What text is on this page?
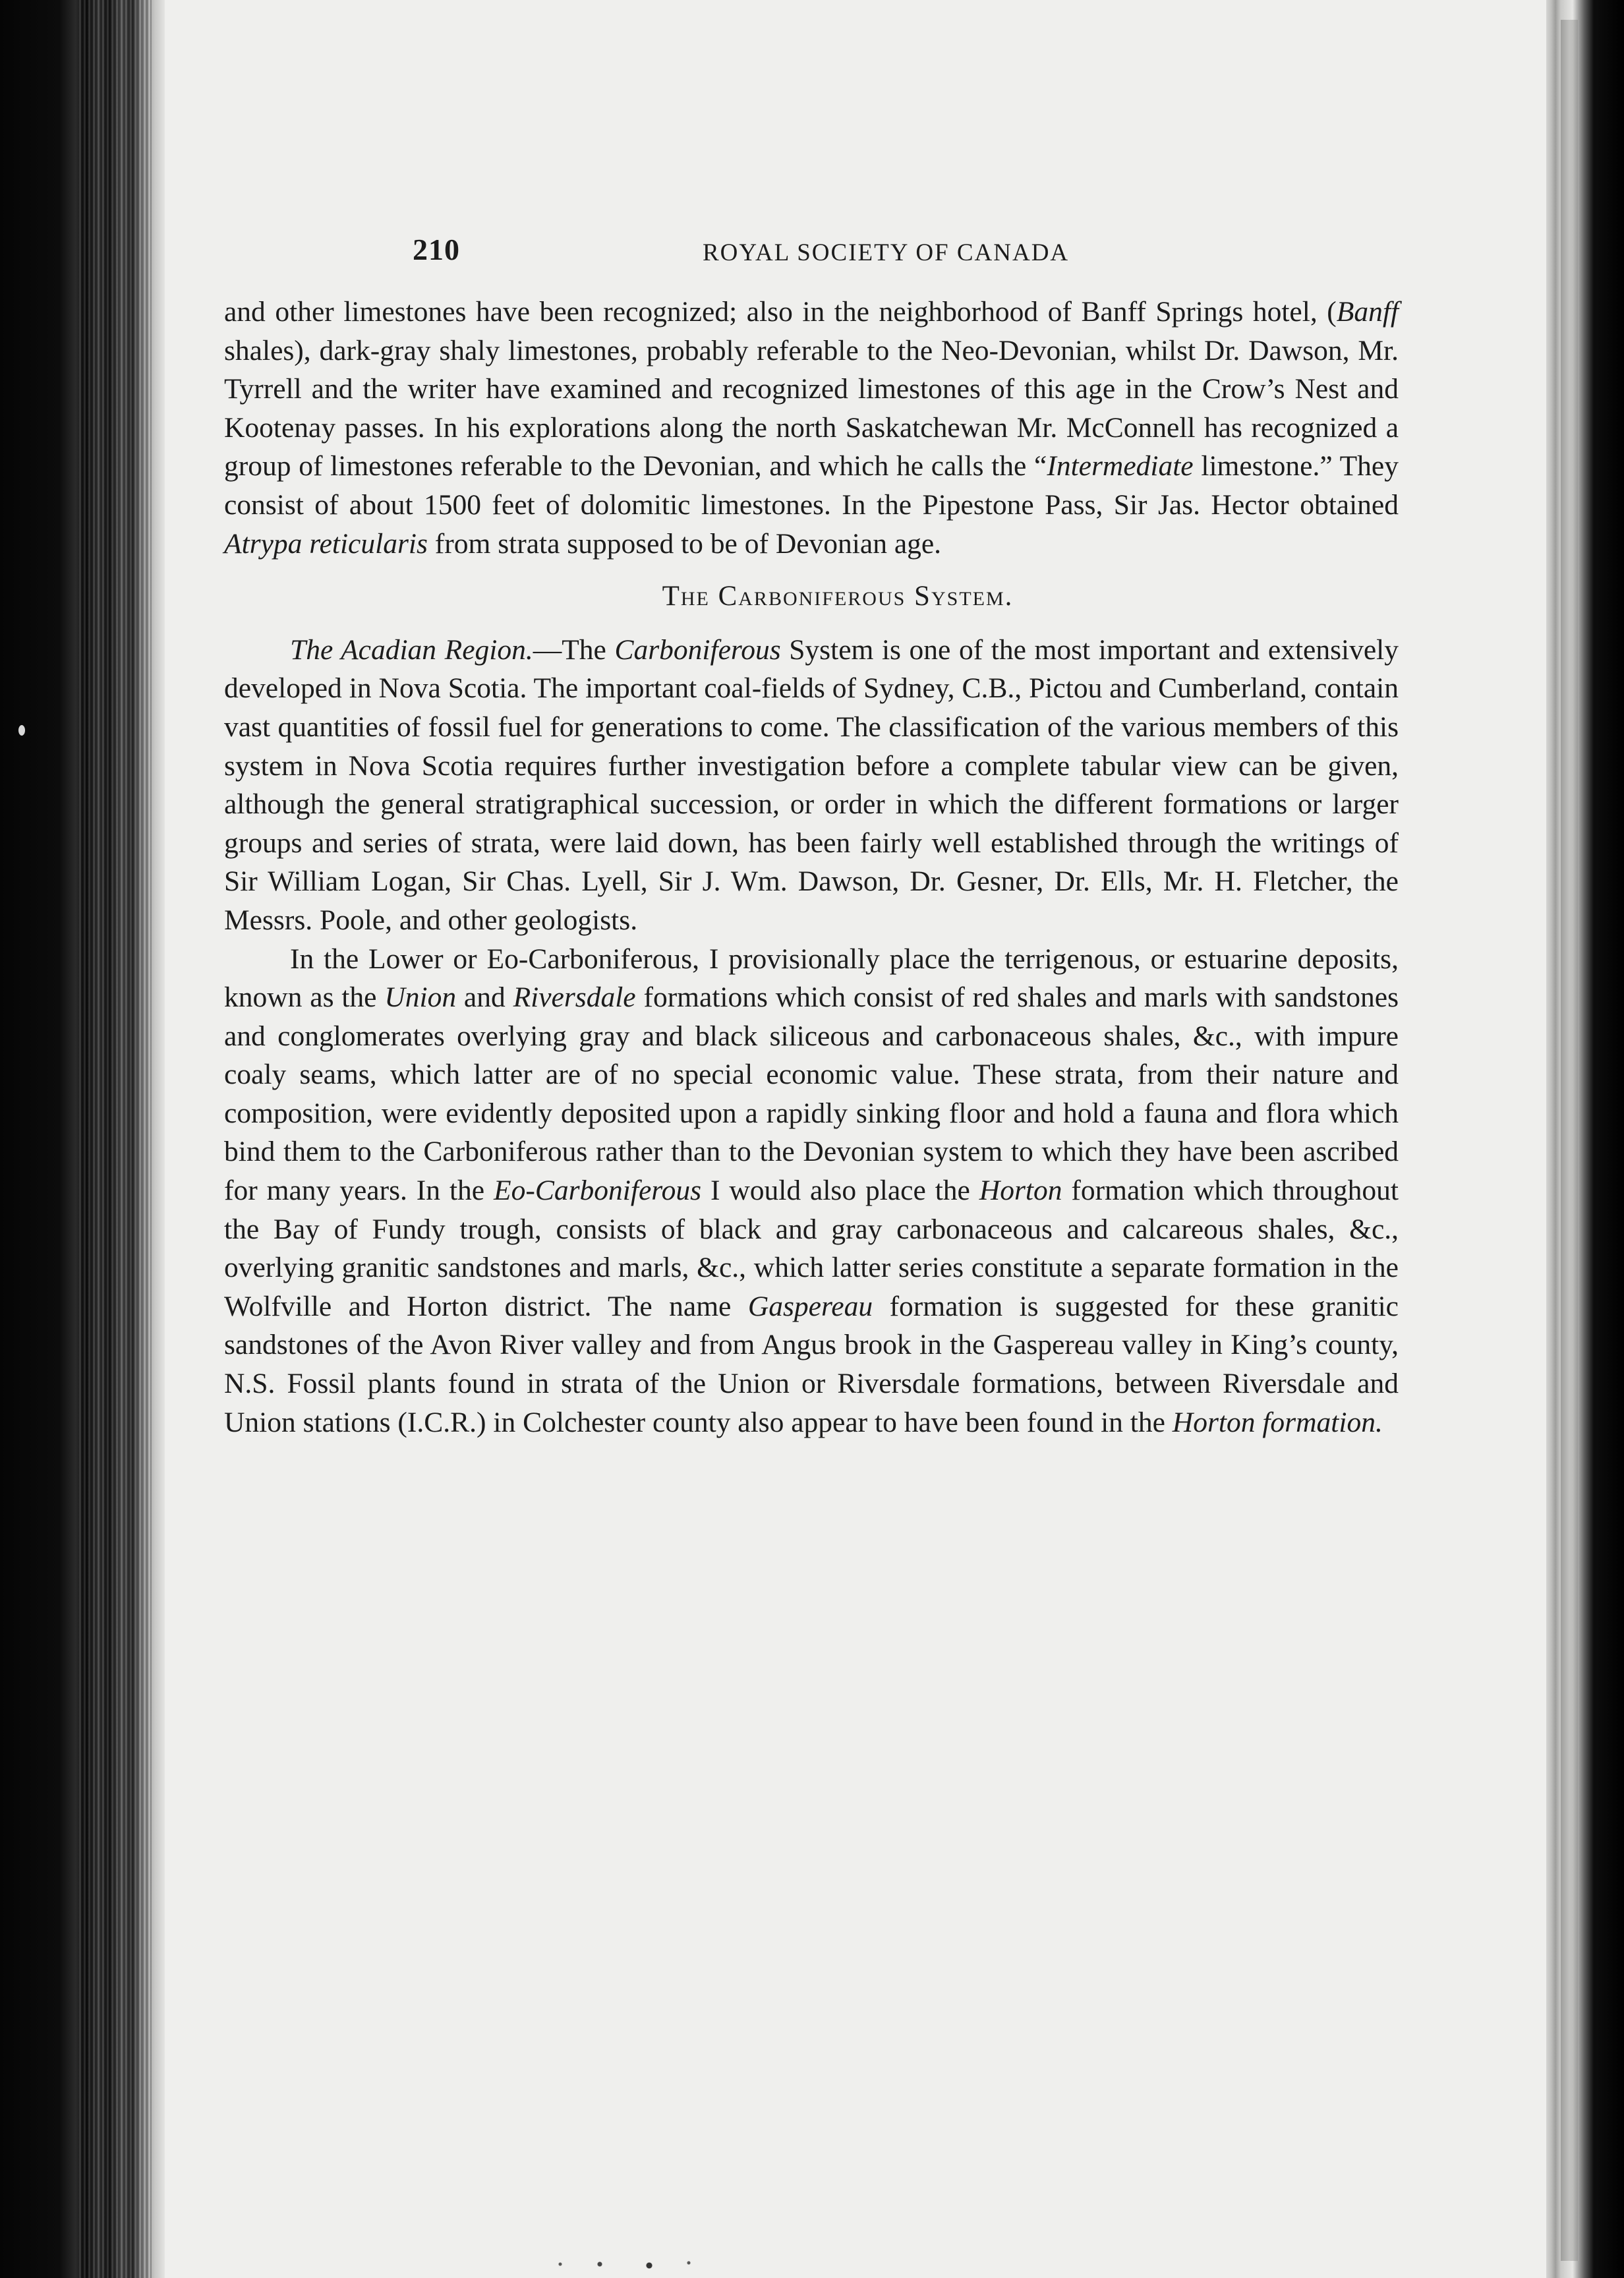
210	ROYAL SOCIETY OF CANADA

and other limestones have been recognized; also in the neighborhood of Banff Springs hotel, (Banff shales), dark-gray shaly limestones, probably referable to the Neo-Devonian, whilst Dr. Dawson, Mr. Tyrrell and the writer have examined and recognized limestones of this age in the Crow’s Nest and Kootenay passes. In his explorations along the north Saskatchewan Mr. McConnell has recognized a group of limestones referable to the Devonian, and which he calls the “Intermediate limestone.” They consist of about 1500 feet of dolomitic limestones. In the Pipestone Pass, Sir Jas. Hector obtained Atrypa reticularis from strata supposed to be of Devonian age.

The Carboniferous System.

The Acadian Region.—The Carboniferous System is one of the most important and extensively developed in Nova Scotia. The important coal-fields of Sydney, C.B., Pictou and Cumberland, contain vast quantities of fossil fuel for generations to come. The classification of the various members of this system in Nova Scotia requires further investigation before a complete tabular view can be given, although the general stratigraphical succession, or order in which the different formations or larger groups and series of strata, were laid down, has been fairly well established through the writings of Sir William Logan, Sir Chas. Lyell, Sir J. Wm. Dawson, Dr. Gesner, Dr. Ells, Mr. H. Fletcher, the Messrs. Poole, and other geologists.

In the Lower or Eo-Carboniferous, I provisionally place the terrigenous, or estuarine deposits, known as the Union and Riversdale formations which consist of red shales and marls with sandstones and conglomerates overlying gray and black siliceous and carbonaceous shales, &c., with impure coaly seams, which latter are of no special economic value. These strata, from their nature and composition, were evidently deposited upon a rapidly sinking floor and hold a fauna and flora which bind them to the Carboniferous rather than to the Devonian system to which they have been ascribed for many years. In the Eo-Carboniferous I would also place the Horton formation which throughout the Bay of Fundy trough, consists of black and gray carbonaceous and calcareous shales, &c., overlying granitic sandstones and marls, &c., which latter series constitute a separate formation in the Wolfville and Horton district. The name Gaspereau formation is suggested for these granitic sandstones of the Avon River valley and from Angus brook in the Gaspereau valley in King’s county, N.S. Fossil plants found in strata of the Union or Riversdale formations, between Riversdale and Union stations (I.C.R.) in Colchester county also appear to have been found in the Horton formation.
